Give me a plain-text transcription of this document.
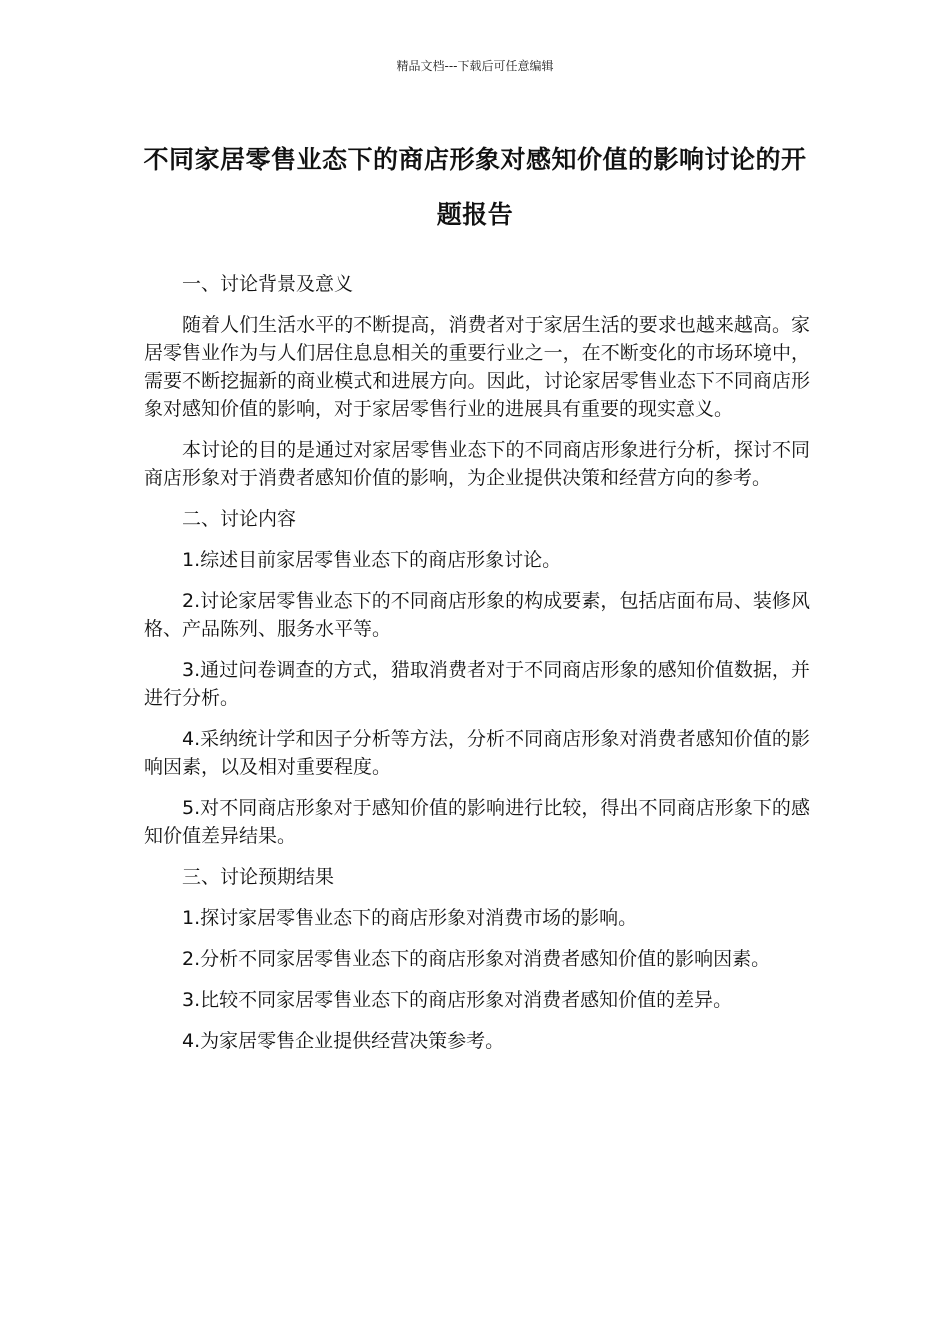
精品文档---下载后可任意编辑
不同家居零售业态下的商店形象对感知价值的影响讨论的开题报告

一、讨论背景及意义

随着人们生活水平的不断提高，消费者对于家居生活的要求也越来越高。家居零售业作为与人们居住息息相关的重要行业之一，在不断变化的市场环境中，需要不断挖掘新的商业模式和进展方向。因此，讨论家居零售业态下不同商店形象对感知价值的影响，对于家居零售行业的进展具有重要的现实意义。

本讨论的目的是通过对家居零售业态下的不同商店形象进行分析，探讨不同商店形象对于消费者感知价值的影响，为企业提供决策和经营方向的参考。

二、讨论内容

1.综述目前家居零售业态下的商店形象讨论。

2.讨论家居零售业态下的不同商店形象的构成要素，包括店面布局、装修风格、产品陈列、服务水平等。

3.通过问卷调查的方式，猎取消费者对于不同商店形象的感知价值数据，并进行分析。

4.采纳统计学和因子分析等方法，分析不同商店形象对消费者感知价值的影响因素，以及相对重要程度。

5.对不同商店形象对于感知价值的影响进行比较，得出不同商店形象下的感知价值差异结果。

三、讨论预期结果

1.探讨家居零售业态下的商店形象对消费市场的影响。

2.分析不同家居零售业态下的商店形象对消费者感知价值的影响因素。

3.比较不同家居零售业态下的商店形象对消费者感知价值的差异。

4.为家居零售企业提供经营决策参考。
